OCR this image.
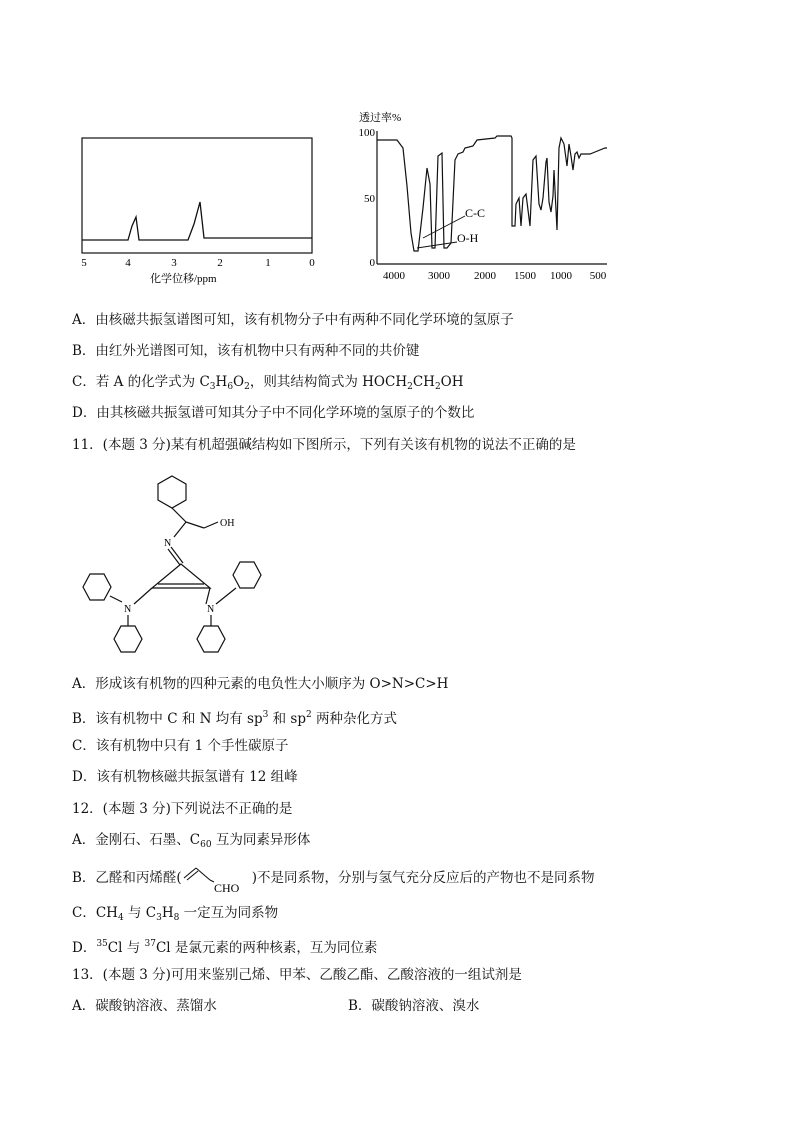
5	4	3	2	1	0
化学位移/ppm
透过率%
100
50
0
C-C
O-H
4000 3000 2000 1500 1000 500
A．由核磁共振氢谱图可知，该有机物分子中有两种不同化学环境的氢原子
B．由红外光谱图可知，该有机物中只有两种不同的共价键
C．若 A 的化学式为 $C_3H_6O_2$，则其结构简式为 $HOCH_2CH_2OH$
D．由其核磁共振氢谱可知其分子中不同化学环境的氢原子的个数比
11．(本题 3 分)某有机超强碱结构如下图所示，下列有关该有机物的说法不正确的是
OH
N
N	N
A．形成该有机物的四种元素的电负性大小顺序为 O>N>C>H
B．该有机物中 C 和 N 均有 $sp^3$ 和 $sp^2$ 两种杂化方式
C．该有机物中只有 1 个手性碳原子
D．该有机物核磁共振氢谱有 12 组峰
12．(本题 3 分)下列说法不正确的是
A．金刚石、石墨、$C_{60}$ 互为同素异形体
B．乙醛和丙烯醛(
CHO
)不是同系物，分别与氢气充分反应后的产物也不是同系物
C．$CH_4$ 与 $C_3H_8$ 一定互为同系物
D．$^{35}$Cl 与 $^{37}$Cl 是氯元素的两种核素，互为同位素
13．(本题 3 分)可用来鉴别己烯、甲苯、乙酸乙酯、乙酸溶液的一组试剂是
A．碳酸钠溶液、蒸馏水	B．碳酸钠溶液、溴水
